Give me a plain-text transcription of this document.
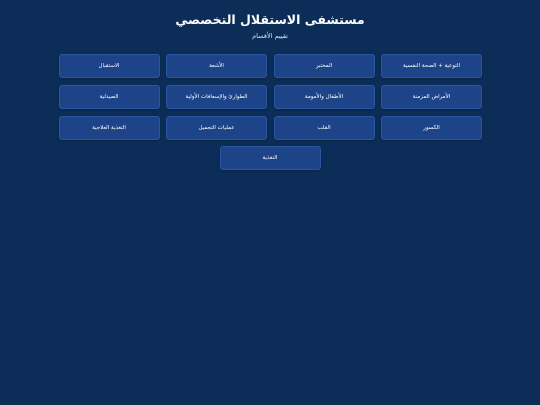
مستشفى الاستقلال التخصصي
تقييم الأقسام
التوعية + الصحة النفسية
المختبر
الأشعة
الاستقبال
الأمراض المزمنة
الأطفال والأمومة
الطوارئ والإسعافات الأولية
الصيدلية
الكسور
القلب
عمليات التجميل
التغذية العلاجية
التغذية
